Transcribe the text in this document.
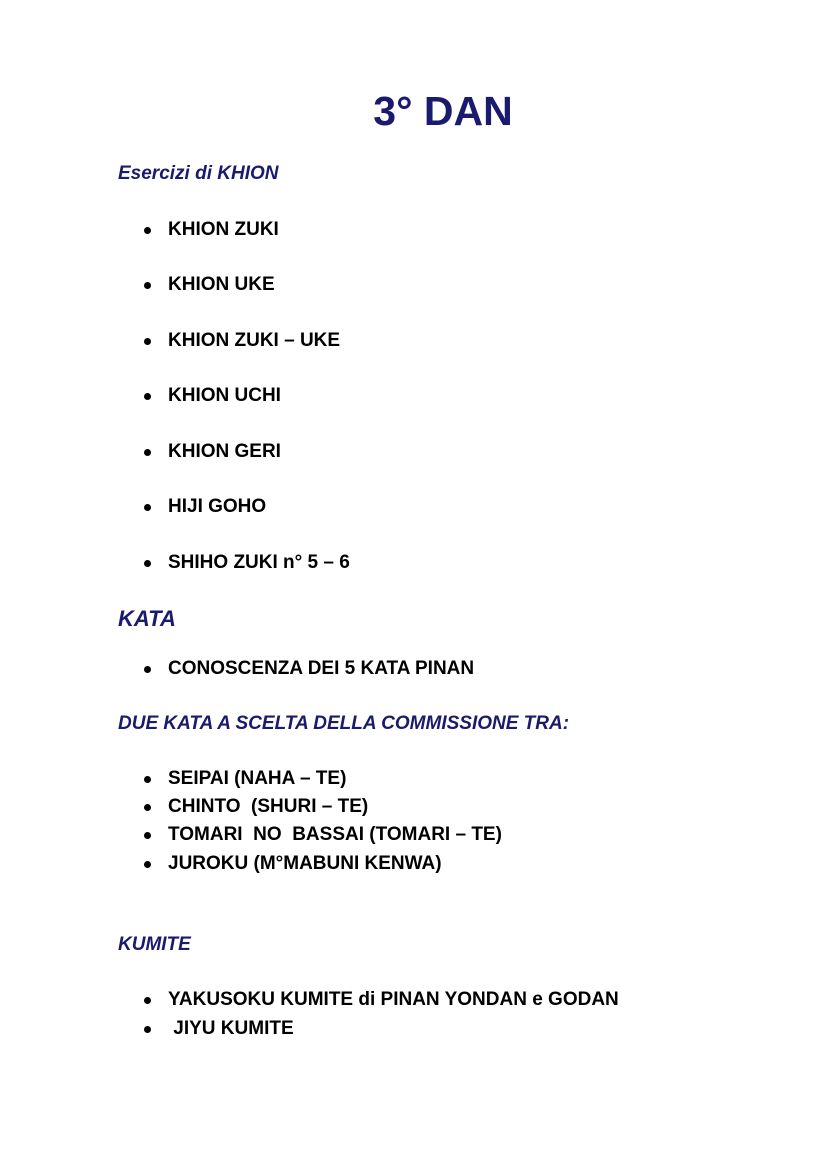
3° DAN
Esercizi di KHION
KHION ZUKI
KHION UKE
KHION ZUKI – UKE
KHION UCHI
KHION GERI
HIJI GOHO
SHIHO ZUKI n° 5 – 6
KATA
CONOSCENZA DEI 5 KATA PINAN
DUE KATA A SCELTA DELLA COMMISSIONE TRA:
SEIPAI (NAHA – TE)
CHINTO  (SHURI – TE)
TOMARI  NO  BASSAI (TOMARI – TE)
JUROKU (M°MABUNI KENWA)
KUMITE
YAKUSOKU KUMITE di PINAN YONDAN e GODAN
JIYU KUMITE
